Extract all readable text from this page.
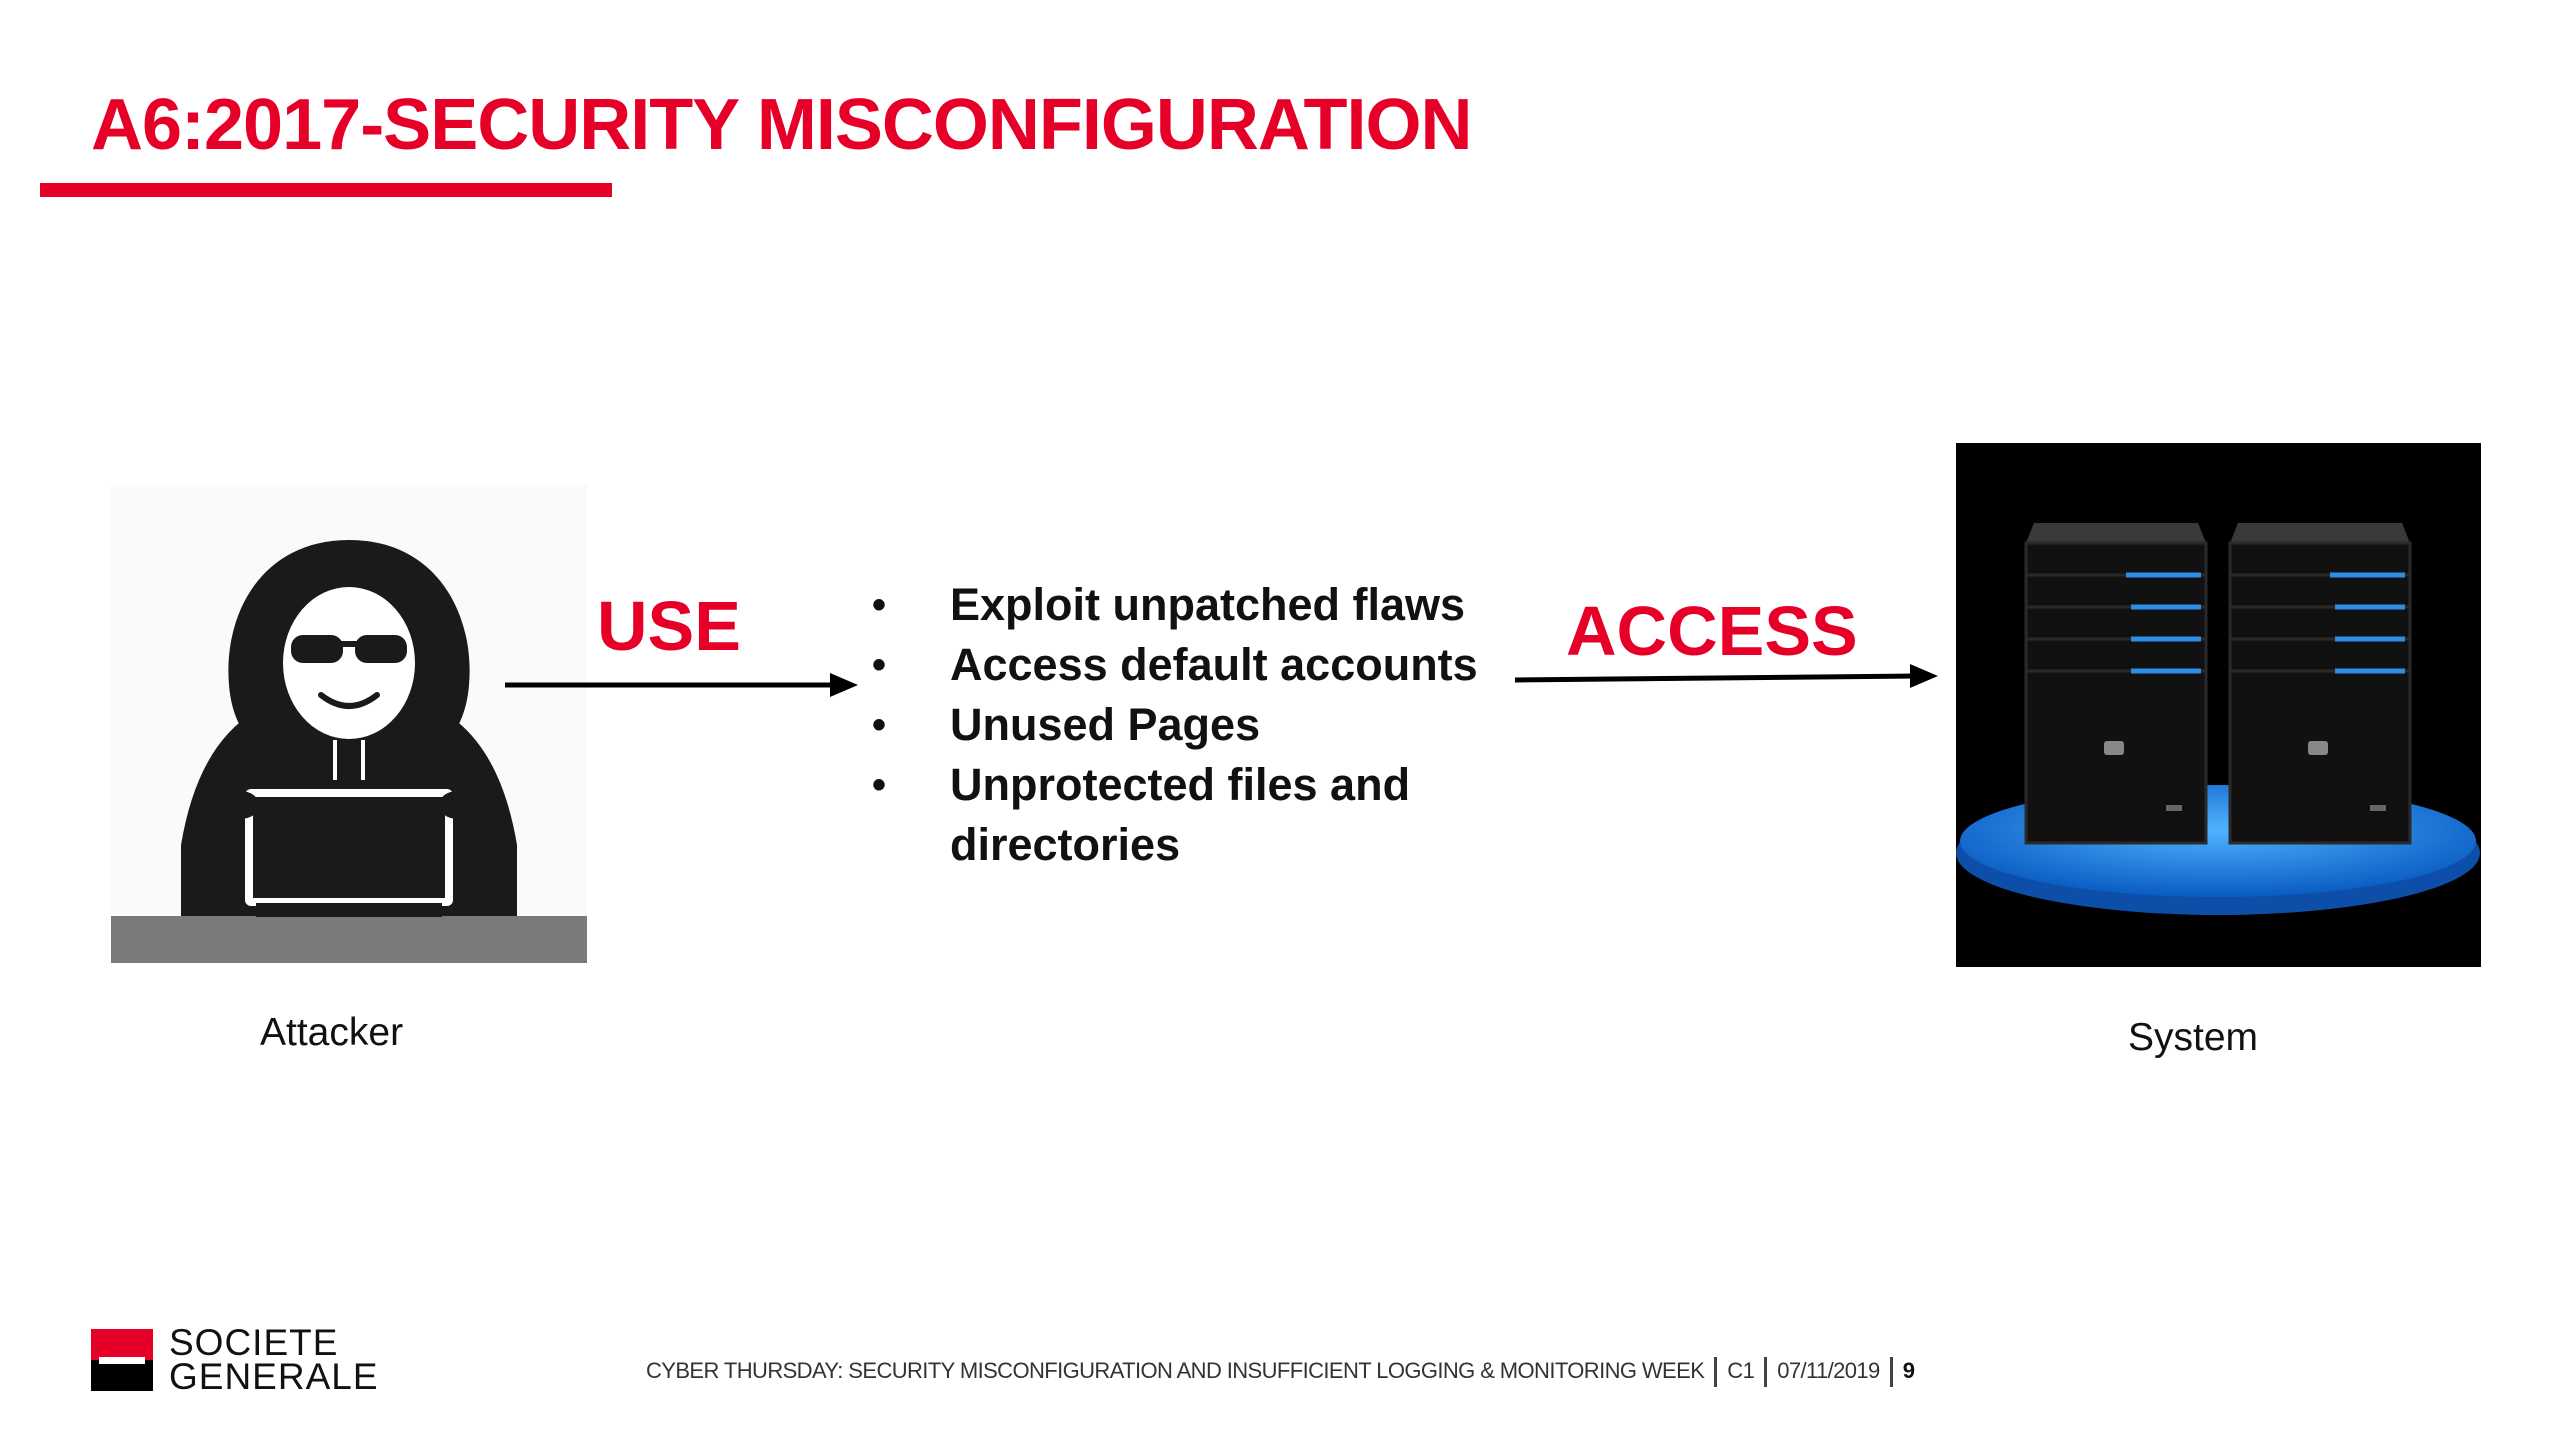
A6:2017-SECURITY MISCONFIGURATION
USE	• Exploit unpatched flaws
• Access default accounts
• Unused Pages
• Unprotected files and directories
ACCESS
Attacker	System
SOCIETE
GENERALE	CYBER THURSDAY: SECURITY MISCONFIGURATION AND INSUFFICIENT LOGGING & MONITORING WEEK C1 07/11/2019 9
